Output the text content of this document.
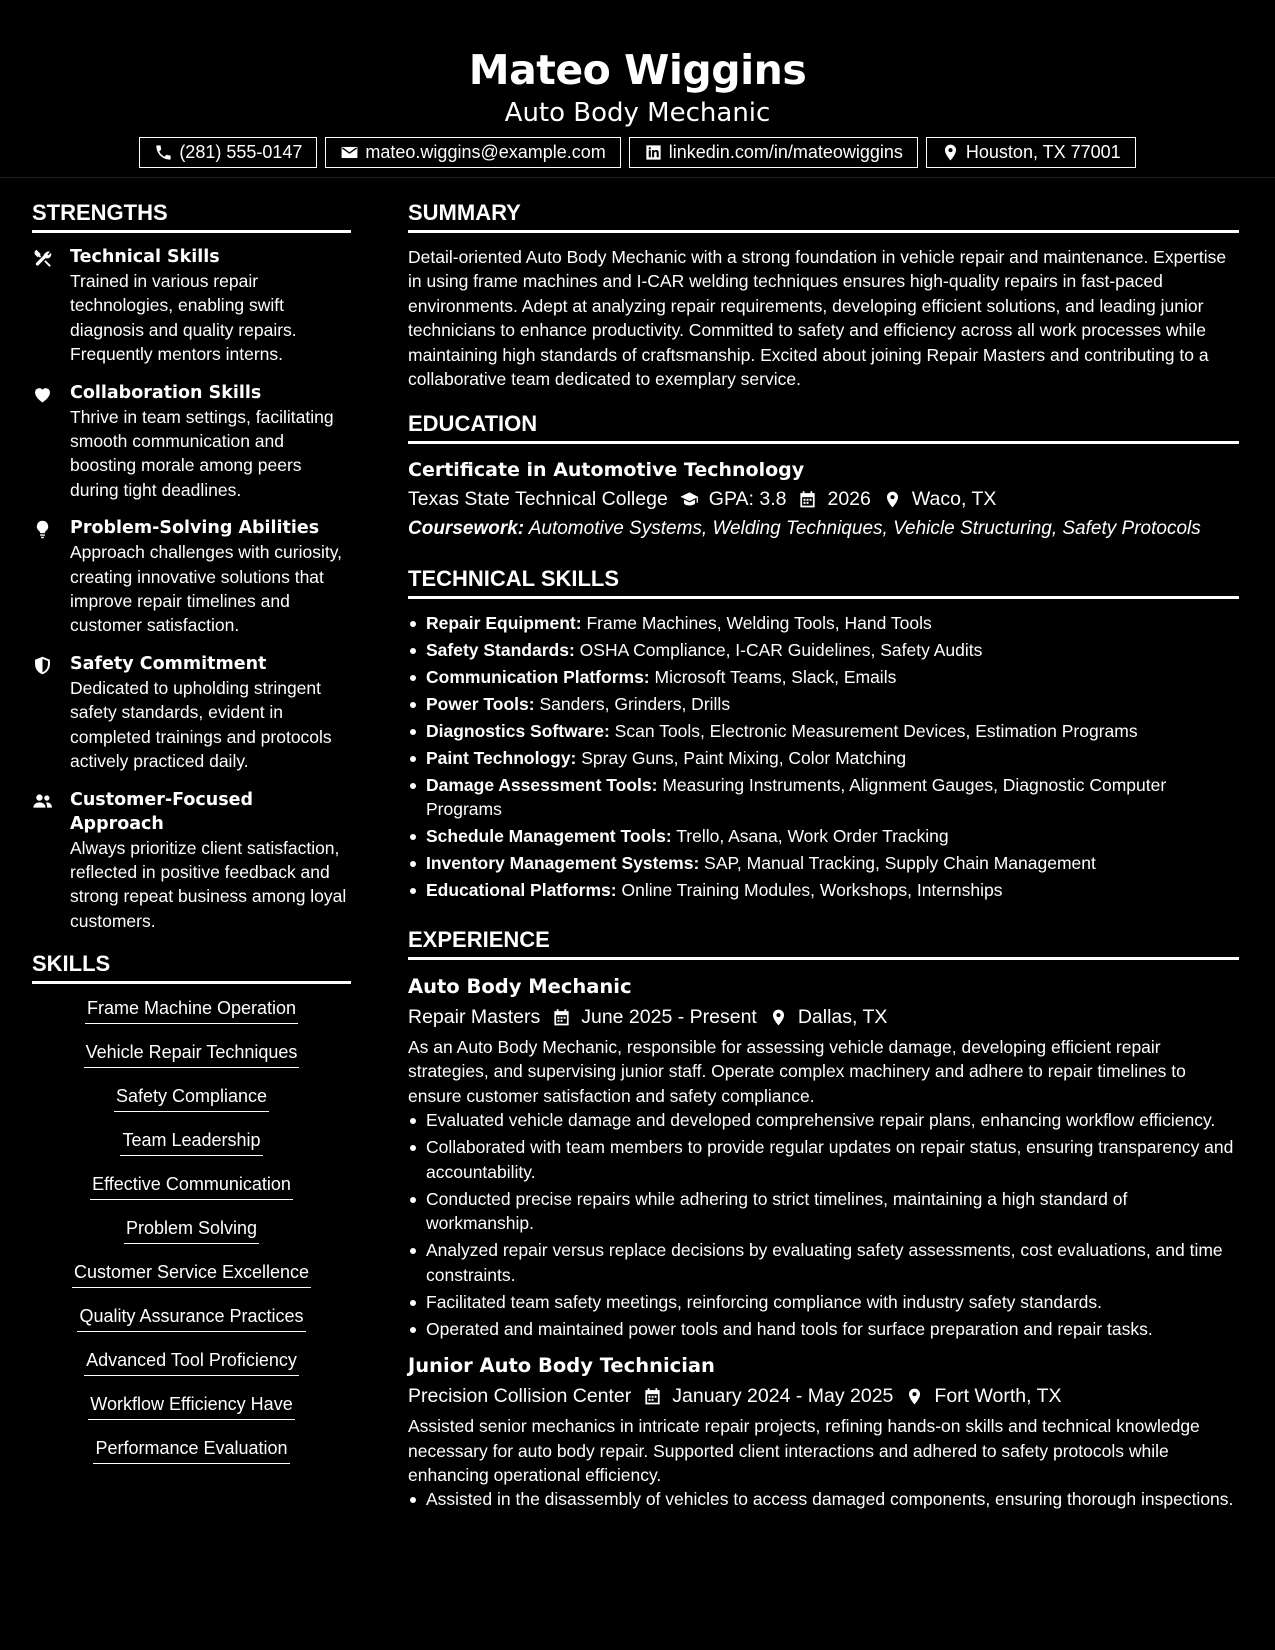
Mateo Wiggins
Auto Body Mechanic
(281) 555-0147	mateo.wiggins@example.com	linkedin.com/in/mateowiggins	Houston, TX 77001
STRENGTHS
Technical Skills
Trained in various repair technologies, enabling swift diagnosis and quality repairs. Frequently mentors interns.
Collaboration Skills
Thrive in team settings, facilitating smooth communication and boosting morale among peers during tight deadlines.
Problem-Solving Abilities
Approach challenges with curiosity, creating innovative solutions that improve repair timelines and customer satisfaction.
Safety Commitment
Dedicated to upholding stringent safety standards, evident in completed trainings and protocols actively practiced daily.
Customer-Focused Approach
Always prioritize client satisfaction, reflected in positive feedback and strong repeat business among loyal customers.
SKILLS
Frame Machine Operation
Vehicle Repair Techniques
Safety Compliance
Team Leadership
Effective Communication
Problem Solving
Customer Service Excellence
Quality Assurance Practices
Advanced Tool Proficiency
Workflow Efficiency Have
Performance Evaluation
SUMMARY

Detail-oriented Auto Body Mechanic with a strong foundation in vehicle repair and maintenance. Expertise in using frame machines and I-CAR welding techniques ensures high-quality repairs in fast-paced environments. Adept at analyzing repair requirements, developing efficient solutions, and leading junior technicians to enhance productivity. Committed to safety and efficiency across all work processes while maintaining high standards of craftsmanship. Excited about joining Repair Masters and contributing to a collaborative team dedicated to exemplary service.

EDUCATION
Certificate in Automotive Technology
Texas State Technical College GPA: 3.8 2026 Waco, TX
Coursework: Automotive Systems, Welding Techniques, Vehicle Structuring, Safety Protocols
TECHNICAL SKILLS
Repair Equipment: Frame Machines, Welding Tools, Hand Tools
Safety Standards: OSHA Compliance, I-CAR Guidelines, Safety Audits
Communication Platforms: Microsoft Teams, Slack, Emails
Power Tools: Sanders, Grinders, Drills
Diagnostics Software: Scan Tools, Electronic Measurement Devices, Estimation Programs
Paint Technology: Spray Guns, Paint Mixing, Color Matching
Damage Assessment Tools: Measuring Instruments, Alignment Gauges, Diagnostic Computer Programs
Schedule Management Tools: Trello, Asana, Work Order Tracking
Inventory Management Systems: SAP, Manual Tracking, Supply Chain Management
Educational Platforms: Online Training Modules, Workshops, Internships
EXPERIENCE
Auto Body Mechanic
Repair Masters June 2025 - Present Dallas, TX

As an Auto Body Mechanic, responsible for assessing vehicle damage, developing efficient repair strategies, and supervising junior staff. Operate complex machinery and adhere to repair timelines to ensure customer satisfaction and safety compliance.

Evaluated vehicle damage and developed comprehensive repair plans, enhancing workflow efficiency.
Collaborated with team members to provide regular updates on repair status, ensuring transparency and accountability.
Conducted precise repairs while adhering to strict timelines, maintaining a high standard of workmanship.
Analyzed repair versus replace decisions by evaluating safety assessments, cost evaluations, and time constraints.
Facilitated team safety meetings, reinforcing compliance with industry safety standards.
Operated and maintained power tools and hand tools for surface preparation and repair tasks.
Junior Auto Body Technician
Precision Collision Center January 2024 - May 2025 Fort Worth, TX

Assisted senior mechanics in intricate repair projects, refining hands-on skills and technical knowledge necessary for auto body repair. Supported client interactions and adhered to safety protocols while enhancing operational efficiency.

Assisted in the disassembly of vehicles to access damaged components, ensuring thorough inspections.
